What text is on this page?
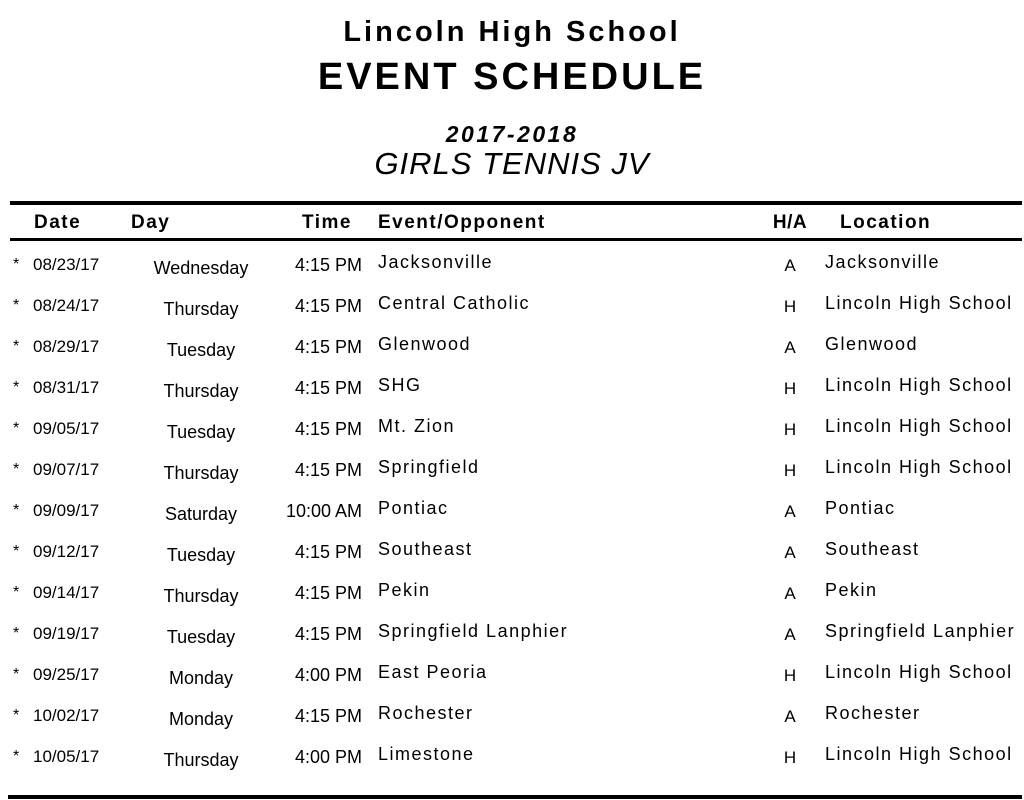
Lincoln High School
EVENT SCHEDULE
2017-2018
GIRLS TENNIS JV
Date	Day	Time Event/Opponent	H/A	Location
* 08/23/17	Wednesday	4:15 PM Jacksonville	A	Jacksonville
* 08/24/17	Thursday	4:15 PM Central Catholic	H	Lincoln High School
* 08/29/17	Tuesday	4:15 PM Glenwood	A	Glenwood
* 08/31/17	Thursday	4:15 PM SHG	H	Lincoln High School
* 09/05/17	Tuesday	4:15 PM Mt. Zion	H	Lincoln High School
* 09/07/17	Thursday	4:15 PM Springfield	H	Lincoln High School
* 09/09/17	Saturday	10:00 AM Pontiac	A	Pontiac
* 09/12/17	Tuesday	4:15 PM Southeast	A	Southeast
* 09/14/17	Thursday	4:15 PM Pekin	A	Pekin
* 09/19/17	Tuesday	4:15 PM Springfield Lanphier	A	Springfield Lanphier
* 09/25/17	Monday	4:00 PM East Peoria	H	Lincoln High School
* 10/02/17	Monday	4:15 PM Rochester	A	Rochester
* 10/05/17	Thursday	4:00 PM Limestone	H	Lincoln High School
